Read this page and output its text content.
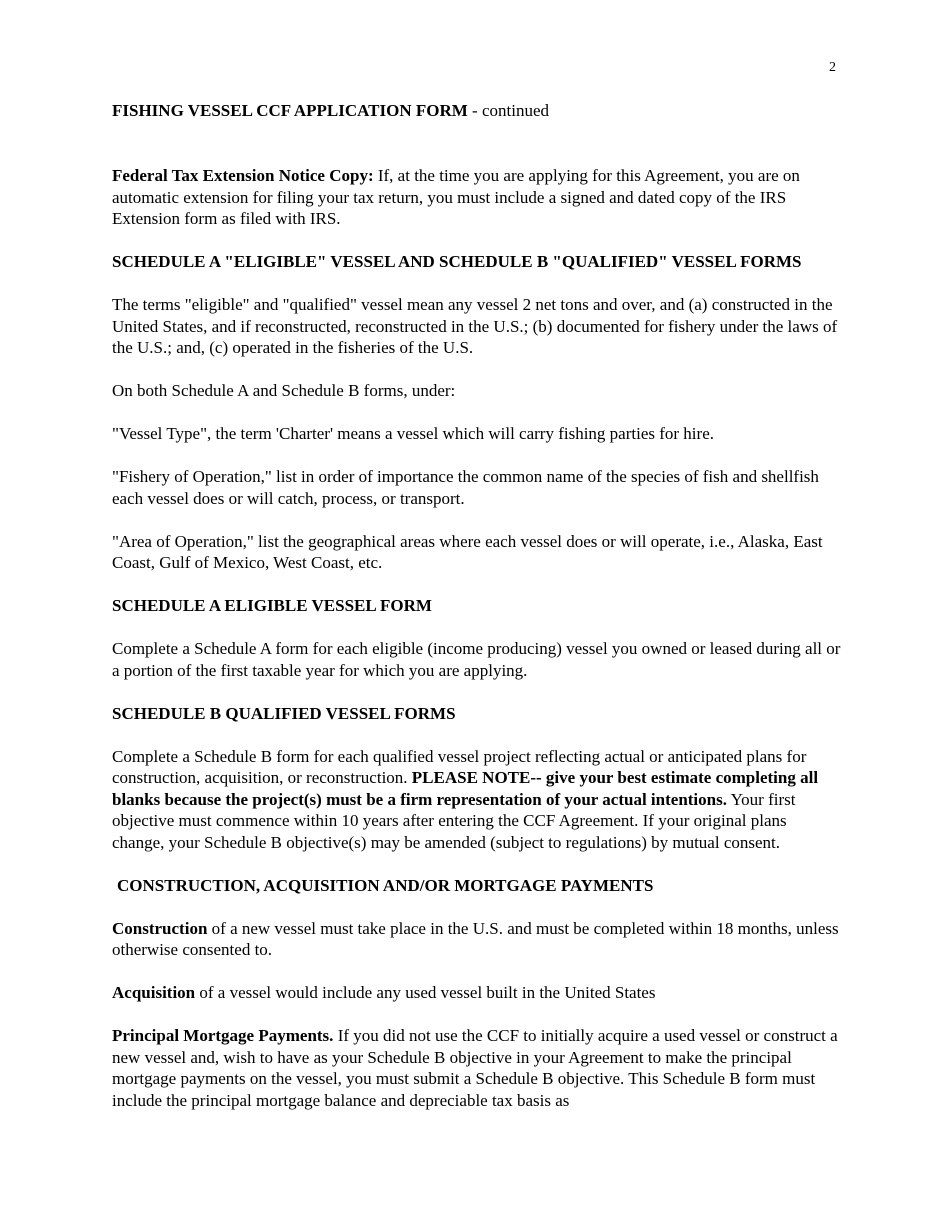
2
FISHING VESSEL CCF APPLICATION FORM - continued

Federal Tax Extension Notice Copy: If, at the time you are applying for this Agreement, you are on automatic extension for filing your tax return, you must include a signed and dated copy of the IRS Extension form as filed with IRS.

SCHEDULE A "ELIGIBLE" VESSEL AND SCHEDULE B "QUALIFIED" VESSEL FORMS

The terms "eligible" and "qualified" vessel mean any vessel 2 net tons and over, and (a) constructed in the United States, and if reconstructed, reconstructed in the U.S.; (b) documented for fishery under the laws of the U.S.; and, (c) operated in the fisheries of the U.S.

On both Schedule A and Schedule B forms, under:

"Vessel Type", the term 'Charter' means a vessel which will carry fishing parties for hire.

"Fishery of Operation," list in order of importance the common name of the species of fish and shellfish each vessel does or will catch, process, or transport.

"Area of Operation," list the geographical areas where each vessel does or will operate, i.e., Alaska, East Coast, Gulf of Mexico, West Coast, etc.

SCHEDULE A ELIGIBLE VESSEL FORM

Complete a Schedule A form for each eligible (income producing) vessel you owned or leased during all or a portion of the first taxable year for which you are applying.

SCHEDULE B QUALIFIED VESSEL FORMS

Complete a Schedule B form for each qualified vessel project reflecting actual or anticipated plans for construction, acquisition, or reconstruction. PLEASE NOTE-- give your best estimate completing all blanks because the project(s) must be a firm representation of your actual intentions. Your first objective must commence within 10 years after entering the CCF Agreement. If your original plans change, your Schedule B objective(s) may be amended (subject to regulations) by mutual consent.

CONSTRUCTION, ACQUISITION AND/OR MORTGAGE PAYMENTS

Construction of a new vessel must take place in the U.S. and must be completed within 18 months, unless otherwise consented to.

Acquisition of a vessel would include any used vessel built in the United States

Principal Mortgage Payments. If you did not use the CCF to initially acquire a used vessel or construct a new vessel and, wish to have as your Schedule B objective in your Agreement to make the principal mortgage payments on the vessel, you must submit a Schedule B objective. This Schedule B form must include the principal mortgage balance and depreciable tax basis as
